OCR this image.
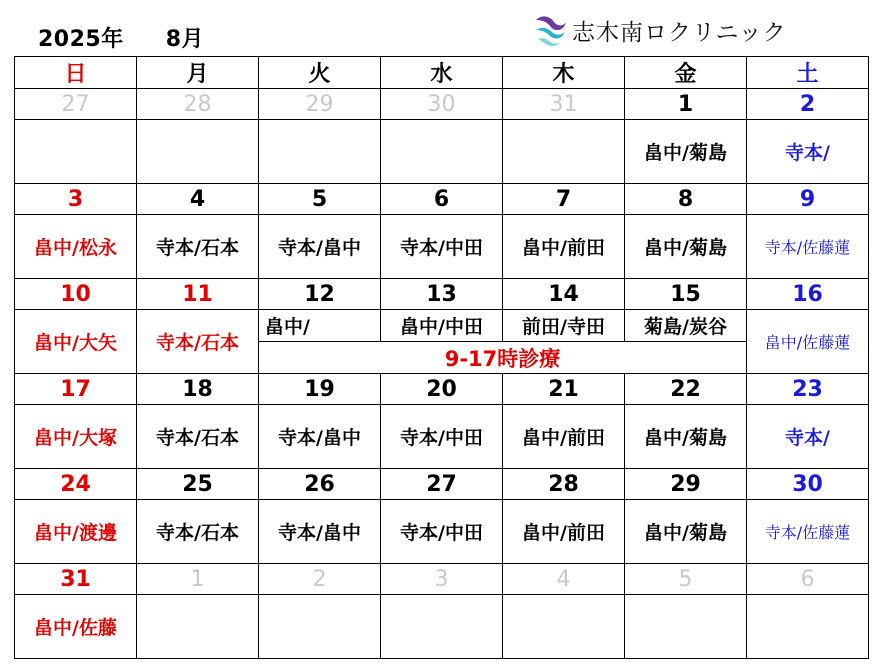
2025年 8月	志木南ロクリニック
日	月	火	水	木	金	土
27	28	29	30	31	1	2
					畠中/菊島	寺本/
3	4	5	6	7	8	9
畠中/松永	寺本/石本	寺本/畠中	寺本/中田	畠中/前田	畠中/菊島	寺本/佐藤蓮
10	11	12	13	14	15	16
畠中/大矢	寺本/石本	畠中/	畠中/中田	前田/寺田	菊島/炭谷	畠中/佐藤蓮
		9-17時診療				
17	18	19	20	21	22	23
畠中/大塚	寺本/石本	寺本/畠中	寺本/中田	畠中/前田	畠中/菊島	寺本/
24	25	26	27	28	29	30
畠中/渡邊	寺本/石本	寺本/畠中	寺本/中田	畠中/前田	畠中/菊島	寺本/佐藤蓮
31	1	2	3	4	5	6
畠中/佐藤						
